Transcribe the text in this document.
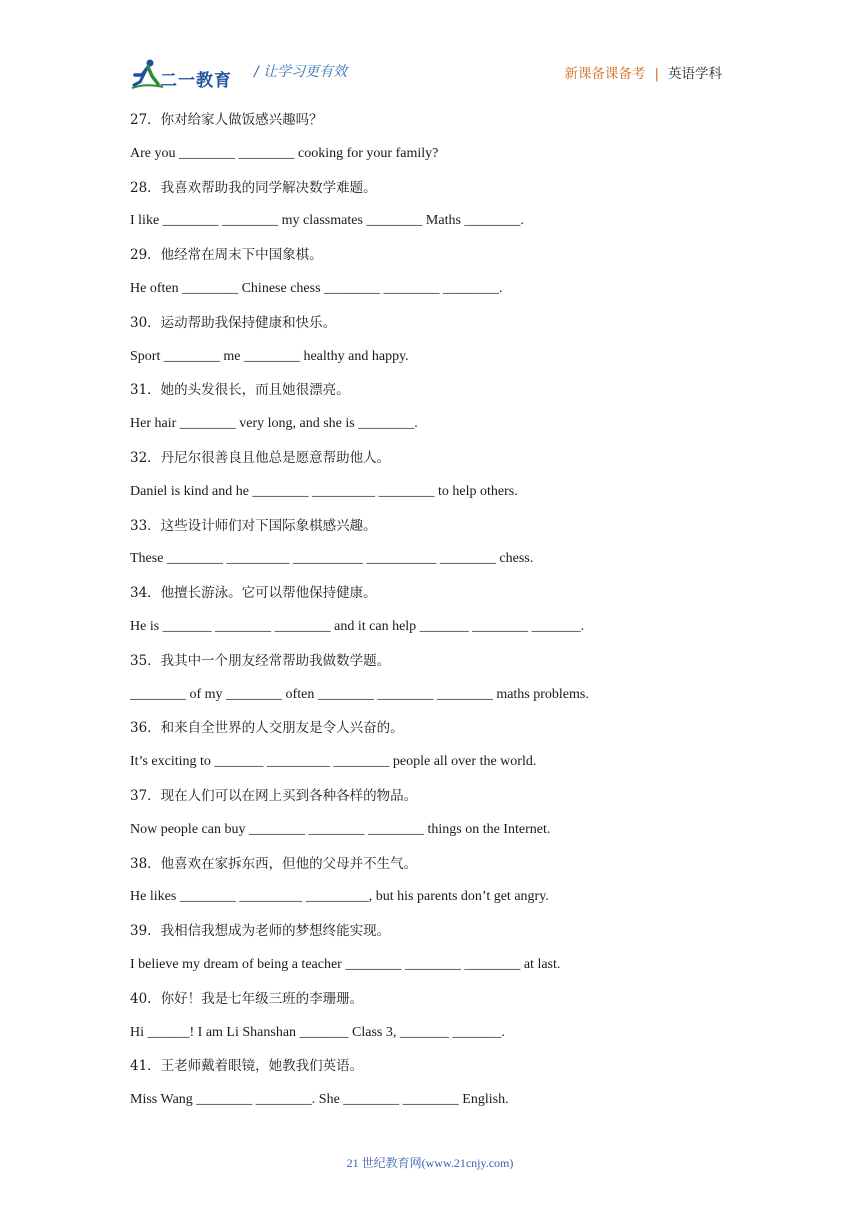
二一教育 / 让学习更有效	新课备课备考 | 英语学科
27．你对给家人做饭感兴趣吗？
Are you ________ ________ cooking for your family?
28．我喜欢帮助我的同学解决数学难题。
I like ________ ________ my classmates ________ Maths ________.
29．他经常在周末下中国象棋。
He often ________ Chinese chess ________ ________ ________.
30．运动帮助我保持健康和快乐。
Sport ________ me ________ healthy and happy.
31．她的头发很长，而且她很漂亮。
Her hair ________ very long, and she is ________.
32．丹尼尔很善良且他总是愿意帮助他人。
Daniel is kind and he ________ _________ ________ to help others.
33．这些设计师们对下国际象棋感兴趣。
These ________ _________ __________ __________ ________ chess.
34．他擅长游泳。它可以帮他保持健康。
He is _______ ________ ________ and it can help _______ ________ _______.
35．我其中一个朋友经常帮助我做数学题。
________ of my ________ often ________ ________ ________ maths problems.
36．和来自全世界的人交朋友是令人兴奋的。
It’s exciting to _______ _________ ________ people all over the world.
37．现在人们可以在网上买到各种各样的物品。
Now people can buy ________ ________ ________ things on the Internet.
38．他喜欢在家拆东西，但他的父母并不生气。
He likes ________ _________ _________, but his parents don’t get angry.
39．我相信我想成为老师的梦想终能实现。
I believe my dream of being a teacher ________ ________ ________ at last.
40．你好！我是七年级三班的李珊珊。
Hi ______! I am Li Shanshan _______ Class 3, _______ _______.
41．王老师戴着眼镜，她教我们英语。
Miss Wang ________ ________. She ________ ________ English.
21 世纪教育网(www.21cnjy.com)
